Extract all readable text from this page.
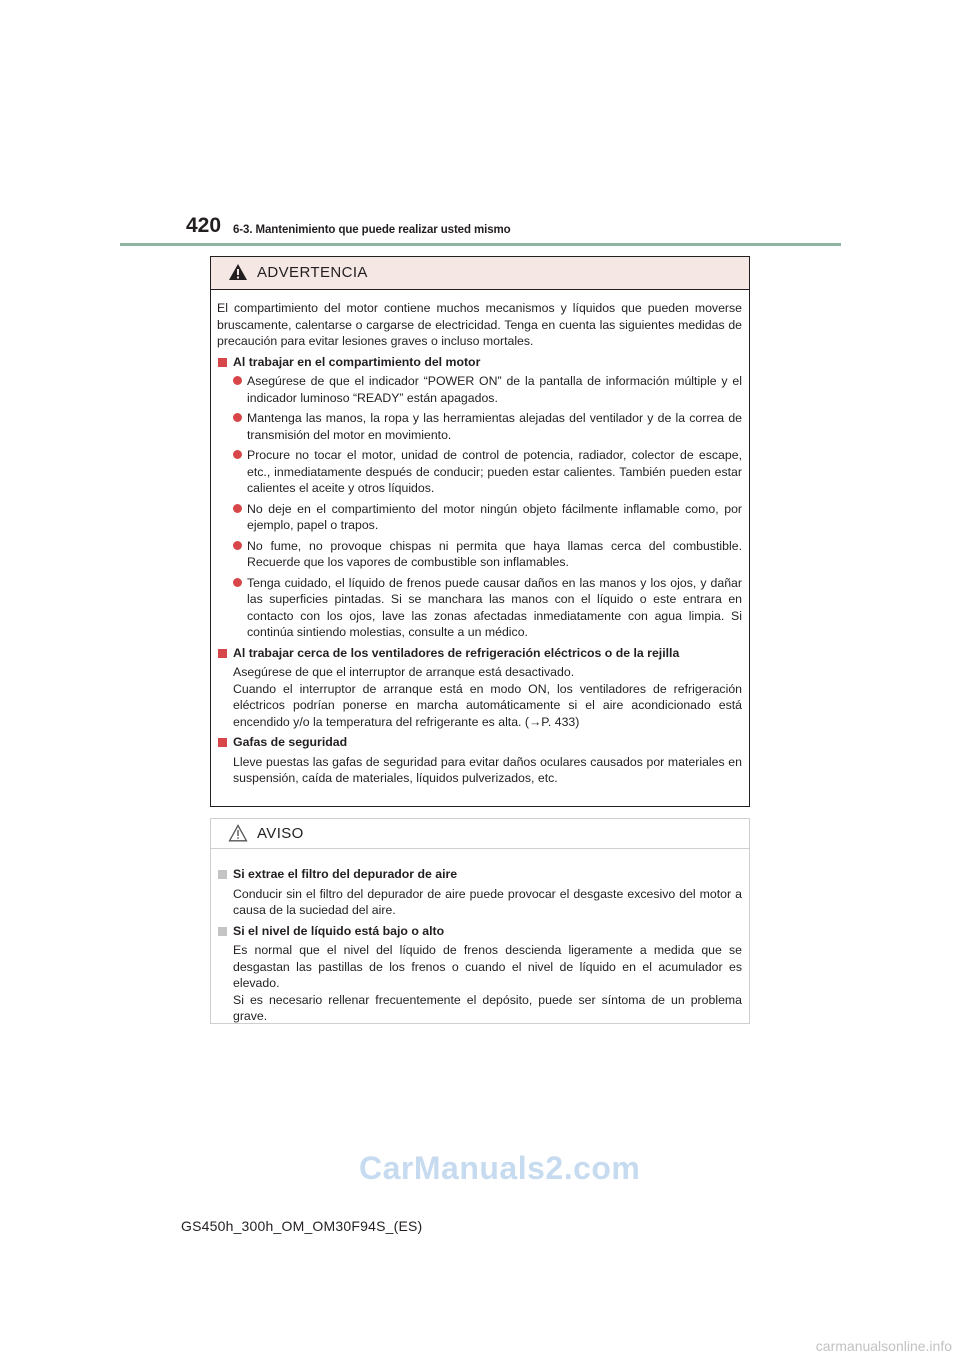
420 6-3. Mantenimiento que puede realizar usted mismo
ADVERTENCIA

El compartimiento del motor contiene muchos mecanismos y líquidos que pueden moverse bruscamente, calentarse o cargarse de electricidad. Tenga en cuenta las siguientes medidas de precaución para evitar lesiones graves o incluso mortales.

Al trabajar en el compartimiento del motor
Asegúrese de que el indicador “POWER ON” de la pantalla de información múltiple y el indicador luminoso “READY” están apagados.
Mantenga las manos, la ropa y las herramientas alejadas del ventilador y de la correa de transmisión del motor en movimiento.
Procure no tocar el motor, unidad de control de potencia, radiador, colector de escape, etc., inmediatamente después de conducir; pueden estar calientes. También pueden estar calientes el aceite y otros líquidos.
No deje en el compartimiento del motor ningún objeto fácilmente inflamable como, por ejemplo, papel o trapos.
No fume, no provoque chispas ni permita que haya llamas cerca del combustible. Recuerde que los vapores de combustible son inflamables.
Tenga cuidado, el líquido de frenos puede causar daños en las manos y los ojos, y dañar las superficies pintadas. Si se manchara las manos con el líquido o este entrara en contacto con los ojos, lave las zonas afectadas inmediatamente con agua limpia. Si continúa sintiendo molestias, consulte a un médico.
Al trabajar cerca de los ventiladores de refrigeración eléctricos o de la rejilla
Asegúrese de que el interruptor de arranque está desactivado.
Cuando el interruptor de arranque está en modo ON, los ventiladores de refrigeración eléctricos podrían ponerse en marcha automáticamente si el aire acondicionado está encendido y/o la temperatura del refrigerante es alta. (→P. 433)
Gafas de seguridad
Lleve puestas las gafas de seguridad para evitar daños oculares causados por materiales en suspensión, caída de materiales, líquidos pulverizados, etc.
AVISO
Si extrae el filtro del depurador de aire
Conducir sin el filtro del depurador de aire puede provocar el desgaste excesivo del motor a causa de la suciedad del aire.
Si el nivel de líquido está bajo o alto
Es normal que el nivel del líquido de frenos descienda ligeramente a medida que se desgastan las pastillas de los frenos o cuando el nivel de líquido en el acumulador es elevado.
Si es necesario rellenar frecuentemente el depósito, puede ser síntoma de un problema grave.
CarManuals2.com
GS450h_300h_OM_OM30F94S_(ES)
carmanualsonline.info
